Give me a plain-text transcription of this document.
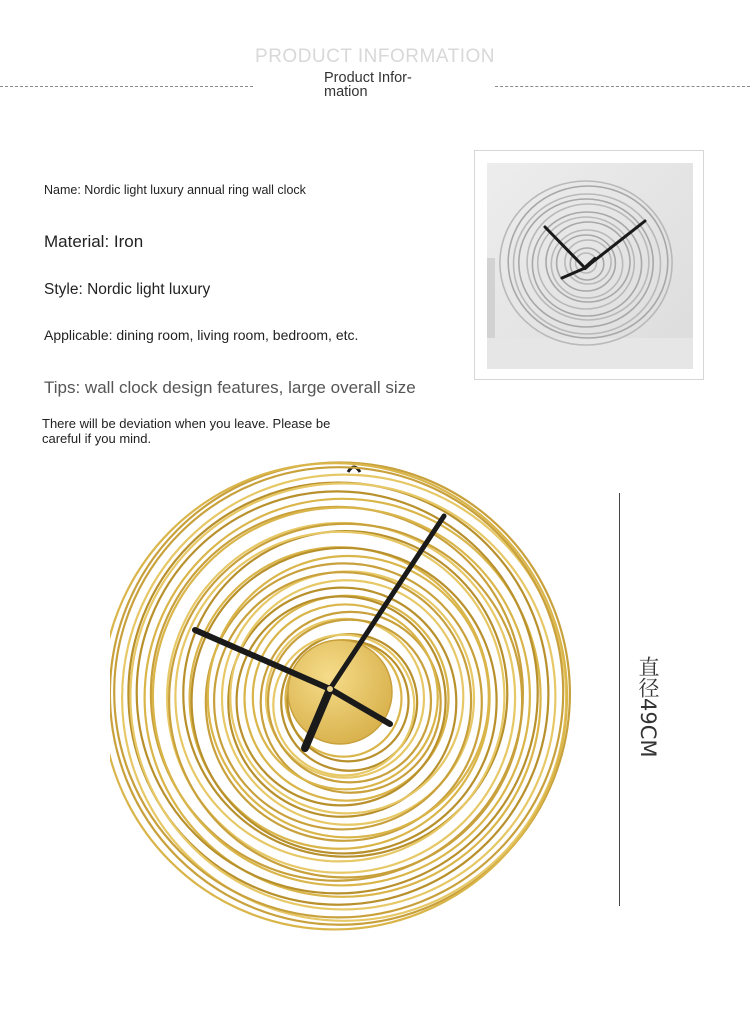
PRODUCT INFORMATION
Product Infor- mation
Name: Nordic light luxury annual ring wall clock
Material: Iron
Style: Nordic light luxury
Applicable: dining room, living room, bedroom, etc.
Tips: wall clock design features, large overall size
There will be deviation when you leave. Please be careful if you mind.
直径49CM
